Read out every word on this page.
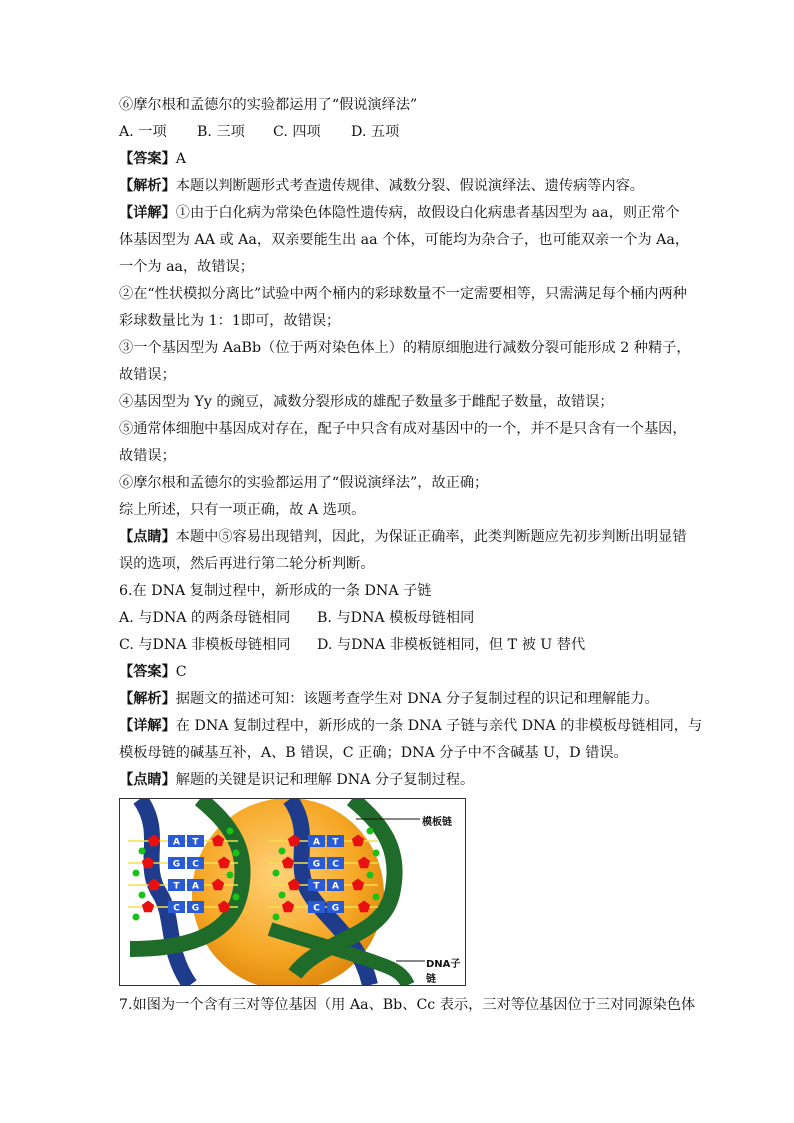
⑥摩尔根和孟德尔的实验都运用了“假说演绎法”

A. 一项 B. 三项 C. 四项 D. 五项

【答案】A

【解析】本题以判断题形式考查遗传规律、减数分裂、假说演绎法、遗传病等内容。

【详解】①由于白化病为常染色体隐性遗传病，故假设白化病患者基因型为 aa，则正常个

体基因型为 AA 或 Aa，双亲要能生出 aa 个体，可能均为杂合子，也可能双亲一个为 Aa，

一个为 aa，故错误；

②在“性状模拟分离比”试验中两个桶内的彩球数量不一定需要相等，只需满足每个桶内两种

彩球数量比为 1：1即可，故错误；

③一个基因型为 AaBb（位于两对染色体上）的精原细胞进行减数分裂可能形成 2 种精子，

故错误；

④基因型为 Yy 的豌豆，减数分裂形成的雄配子数量多于雌配子数量，故错误；

⑤通常体细胞中基因成对存在，配子中只含有成对基因中的一个，并不是只含有一个基因，

故错误；

⑥摩尔根和孟德尔的实验都运用了“假说演绎法”，故正确；

综上所述，只有一项正确，故 A 选项。

【点睛】本题中⑤容易出现错判，因此，为保证正确率，此类判断题应先初步判断出明显错

误的选项，然后再进行第二轮分析判断。

6.在 DNA 复制过程中，新形成的一条 DNA 子链

A. 与DNA 的两条母链相同 B. 与DNA 模板母链相同

C. 与DNA 非模板母链相同 D. 与DNA 非模板链相同，但 T 被 U 替代

【答案】C

【解析】据题文的描述可知：该题考查学生对 DNA 分子复制过程的识记和理解能力。

【详解】在 DNA 复制过程中，新形成的一条 DNA 子链与亲代 DNA 的非模板母链相同，与

模板母链的碱基互补，A、B 错误，C 正确；DNA 分子中不含碱基 U，D 错误。

【点睛】解题的关键是识记和理解 DNA 分子复制过程。

A T
G C
T A
C G
A T
G C
T A
C G
模板链
DNA子链

7.如图为一个含有三对等位基因（用 Aa、Bb、Cc 表示，三对等位基因位于三对同源染色体
